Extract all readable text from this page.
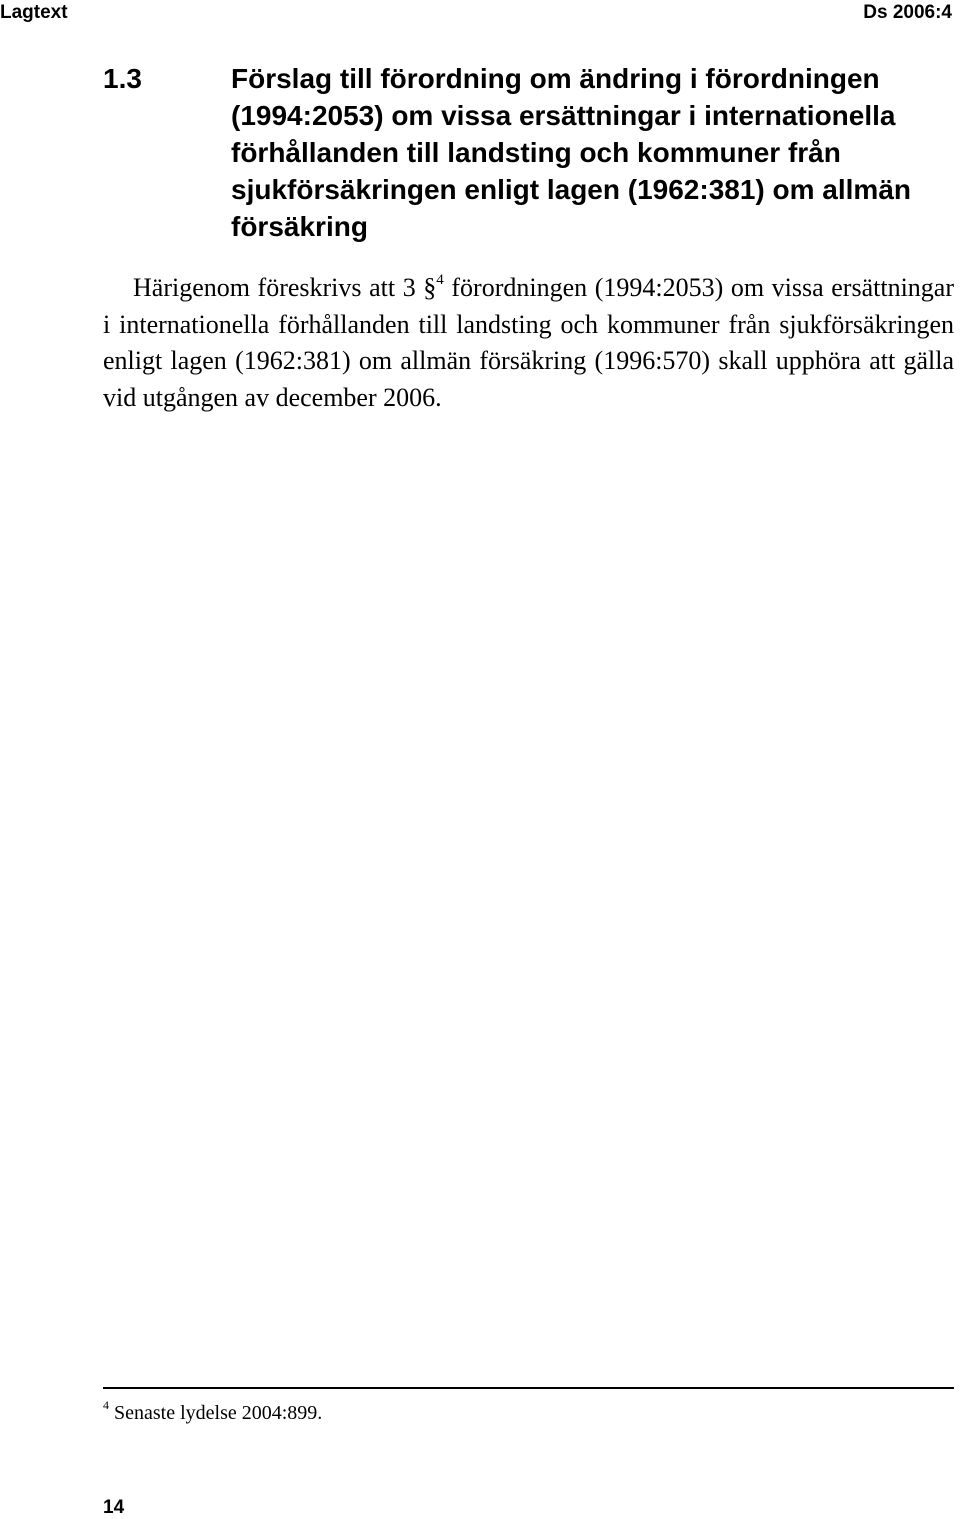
Lagtext	Ds 2006:4
1.3	Förslag till förordning om ändring i förordningen (1994:2053) om vissa ersättningar i internationella förhållanden till landsting och kommuner från sjukförsäkringen enligt lagen (1962:381) om allmän försäkring

Härigenom föreskrivs att 3 §$^4$ förordningen (1994:2053) om vissa ersättningar i internationella förhållanden till landsting och kommuner från sjukförsäkringen enligt lagen (1962:381) om allmän försäkring (1996:570) skall upphöra att gälla vid utgången av december 2006.

$^4$ Senaste lydelse 2004:899.
14
